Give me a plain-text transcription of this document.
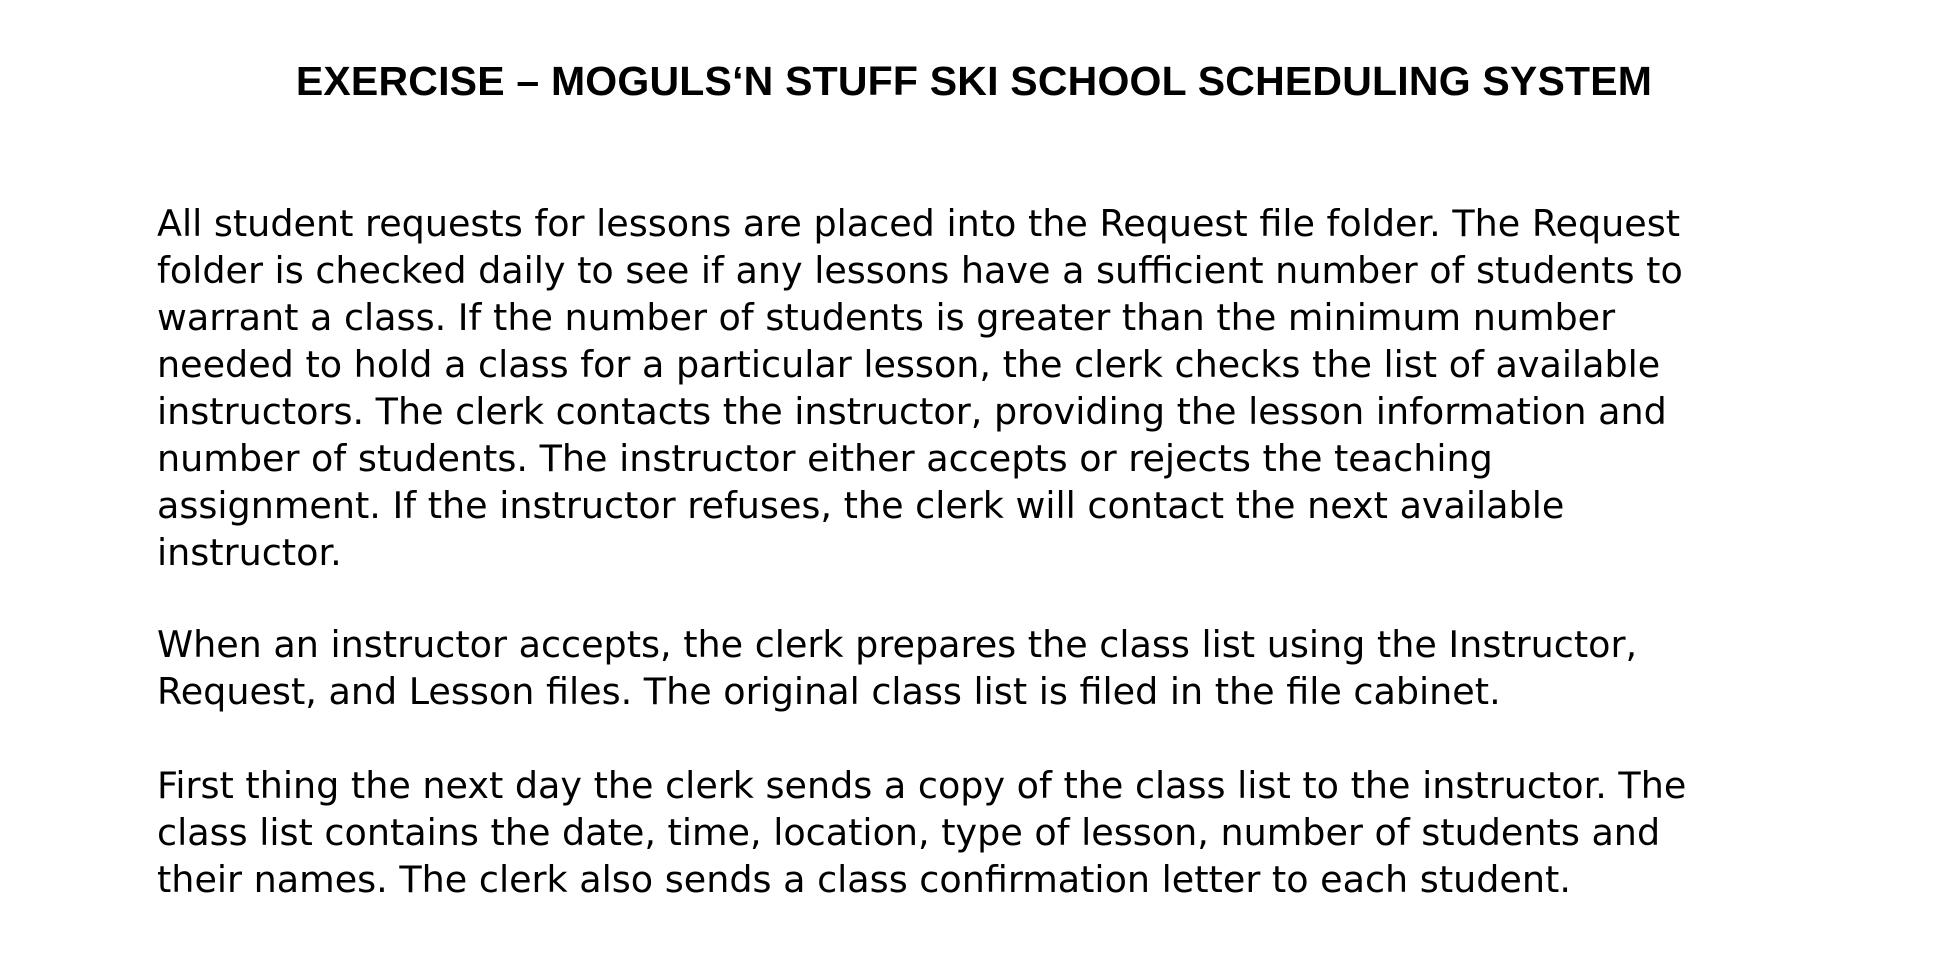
EXERCISE – MOGULS‘N STUFF SKI SCHOOL SCHEDULING SYSTEM

All student requests for lessons are placed into the Request file folder. The Request
folder is checked daily to see if any lessons have a sufficient number of students to
warrant a class. If the number of students is greater than the minimum number
needed to hold a class for a particular lesson, the clerk checks the list of available
instructors. The clerk contacts the instructor, providing the lesson information and
number of students. The instructor either accepts or rejects the teaching
assignment. If the instructor refuses, the clerk will contact the next available
instructor.

When an instructor accepts, the clerk prepares the class list using the Instructor,
Request, and Lesson files. The original class list is filed in the file cabinet.

First thing the next day the clerk sends a copy of the class list to the instructor. The
class list contains the date, time, location, type of lesson, number of students and
their names. The clerk also sends a class confirmation letter to each student.
